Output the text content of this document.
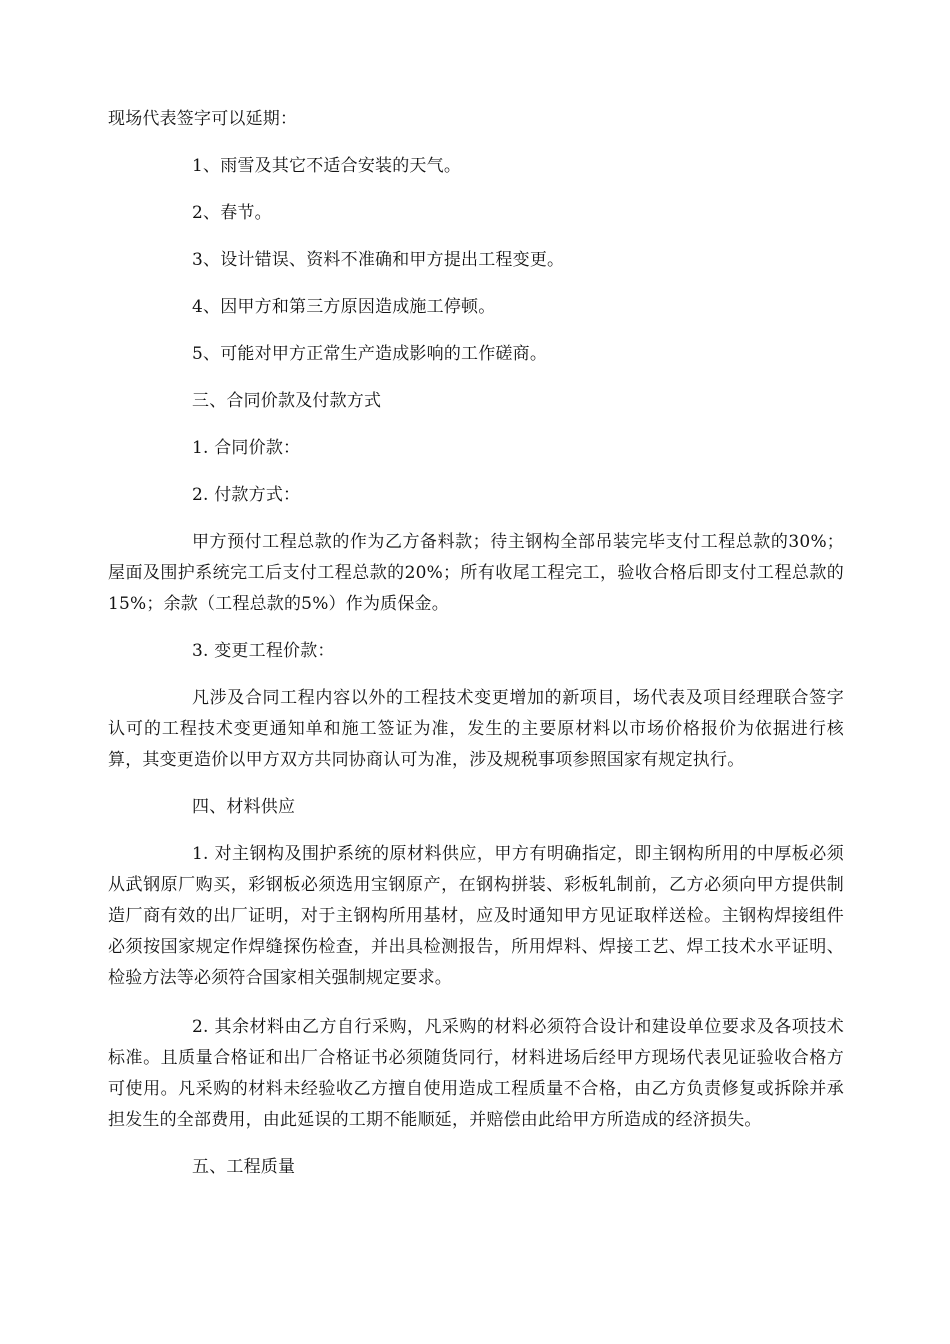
现场代表签字可以延期：

1、雨雪及其它不适合安装的天气。

2、春节。

3、设计错误、资料不准确和甲方提出工程变更。

4、因甲方和第三方原因造成施工停顿。

5、可能对甲方正常生产造成影响的工作磋商。

三、合同价款及付款方式

1. 合同价款：

2. 付款方式：

甲方预付工程总款的作为乙方备料款；待主钢构全部吊装完毕支付工程总款的30%；屋面及围护系统完工后支付工程总款的20%；所有收尾工程完工，验收合格后即支付工程总款的15%；余款（工程总款的5%）作为质保金。

3. 变更工程价款：

凡涉及合同工程内容以外的工程技术变更增加的新项目，场代表及项目经理联合签字认可的工程技术变更通知单和施工签证为准，发生的主要原材料以市场价格报价为依据进行核算，其变更造价以甲方双方共同协商认可为准，涉及规税事项参照国家有规定执行。

四、材料供应

1. 对主钢构及围护系统的原材料供应，甲方有明确指定，即主钢构所用的中厚板必须从武钢原厂购买，彩钢板必须选用宝钢原产，在钢构拼装、彩板轧制前，乙方必须向甲方提供制造厂商有效的出厂证明，对于主钢构所用基材，应及时通知甲方见证取样送检。主钢构焊接组件必须按国家规定作焊缝探伤检查，并出具检测报告，所用焊料、焊接工艺、焊工技术水平证明、检验方法等必须符合国家相关强制规定要求。

2. 其余材料由乙方自行采购，凡采购的材料必须符合设计和建设单位要求及各项技术标准。且质量合格证和出厂合格证书必须随货同行，材料进场后经甲方现场代表见证验收合格方可使用。凡采购的材料未经验收乙方擅自使用造成工程质量不合格，由乙方负责修复或拆除并承担发生的全部费用，由此延误的工期不能顺延，并赔偿由此给甲方所造成的经济损失。

五、工程质量
